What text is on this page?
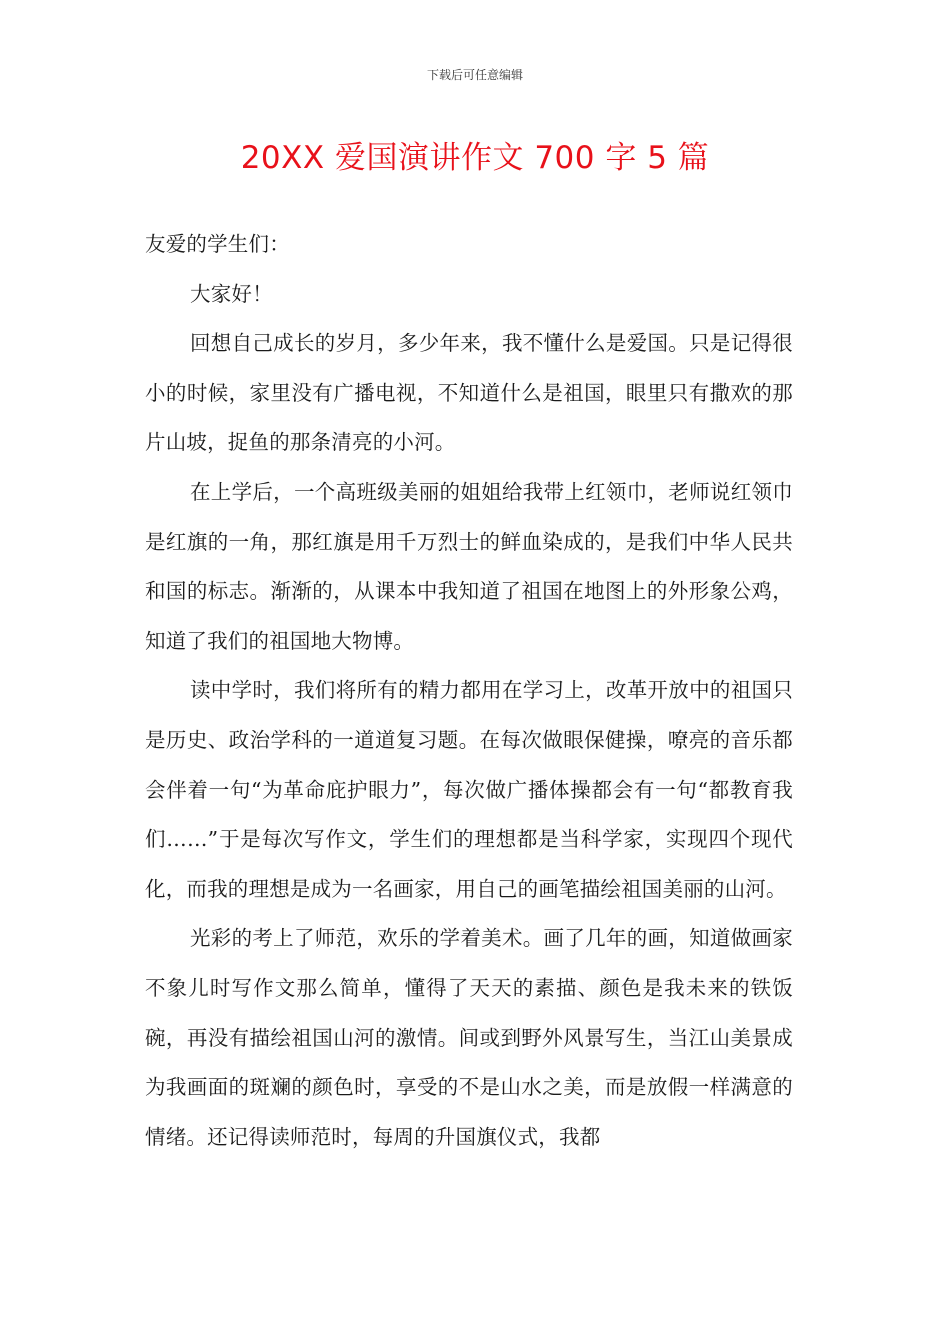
下载后可任意编辑
20XX 爱国演讲作文 700 字 5 篇

友爱的学生们：

大家好！

回想自己成长的岁月，多少年来，我不懂什么是爱国。只是记得很小的时候，家里没有广播电视，不知道什么是祖国，眼里只有撒欢的那片山坡，捉鱼的那条清亮的小河。

在上学后，一个高班级美丽的姐姐给我带上红领巾，老师说红领巾是红旗的一角，那红旗是用千万烈士的鲜血染成的，是我们中华人民共和国的标志。渐渐的，从课本中我知道了祖国在地图上的外形象公鸡，知道了我们的祖国地大物博。

读中学时，我们将所有的精力都用在学习上，改革开放中的祖国只是历史、政治学科的一道道复习题。在每次做眼保健操，嘹亮的音乐都会伴着一句“为革命庇护眼力”，每次做广播体操都会有一句“都教育我们……”于是每次写作文，学生们的理想都是当科学家，实现四个现代化，而我的理想是成为一名画家，用自己的画笔描绘祖国美丽的山河。

光彩的考上了师范，欢乐的学着美术。画了几年的画，知道做画家不象儿时写作文那么简单，懂得了天天的素描、颜色是我未来的铁饭碗，再没有描绘祖国山河的激情。间或到野外风景写生，当江山美景成为我画面的斑斓的颜色时，享受的不是山水之美，而是放假一样满意的情绪。还记得读师范时，每周的升国旗仪式，我都
